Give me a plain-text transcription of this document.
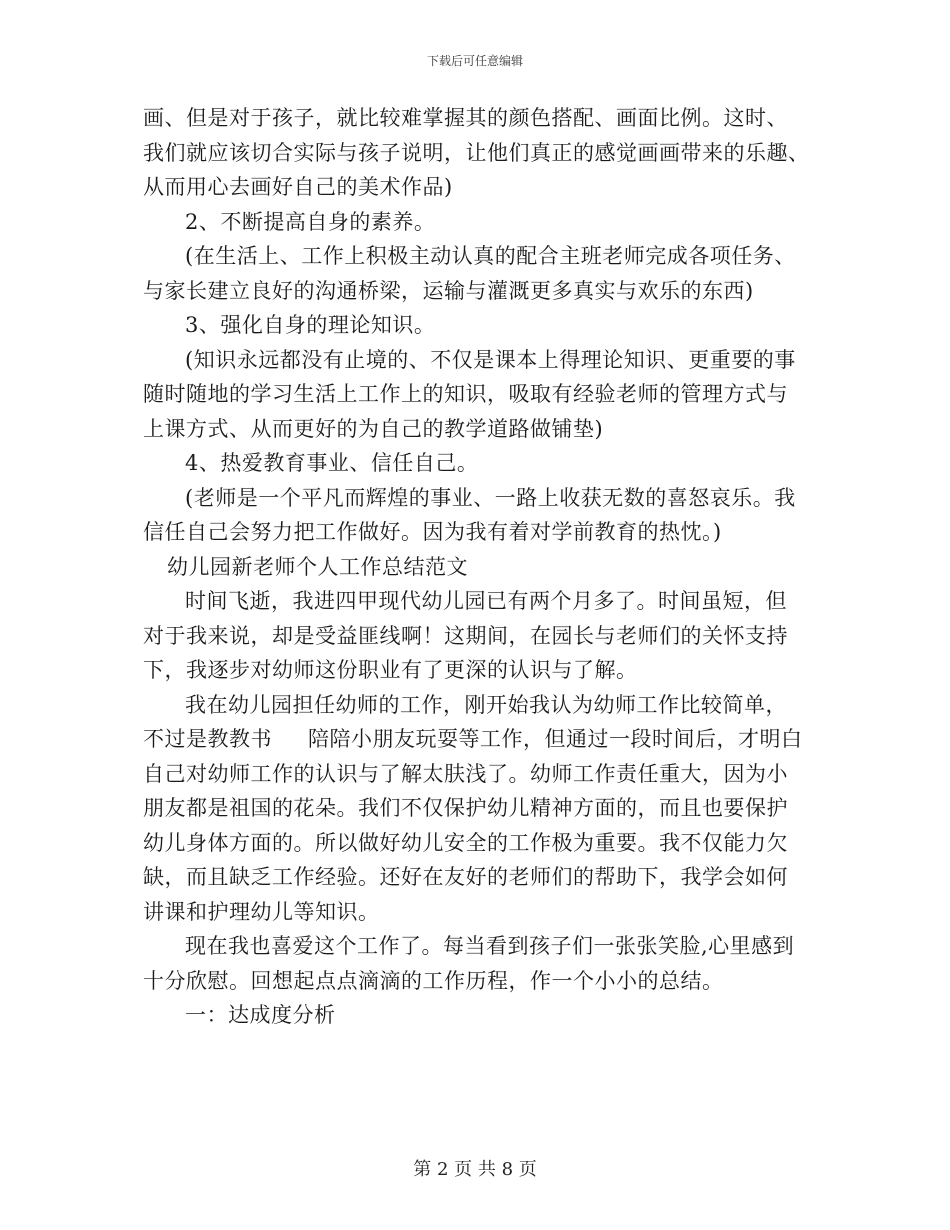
下载后可任意编辑
画、但是对于孩子，就比较难掌握其的颜色搭配、画面比例。这时、
我们就应该切合实际与孩子说明，让他们真正的感觉画画带来的乐趣、
从而用心去画好自己的美术作品)
2、不断提高自身的素养。
(在生活上、工作上积极主动认真的配合主班老师完成各项任务、
与家长建立良好的沟通桥梁，运输与灌溉更多真实与欢乐的东西)
3、强化自身的理论知识。
(知识永远都没有止境的、不仅是课本上得理论知识、更重要的事
随时随地的学习生活上工作上的知识，吸取有经验老师的管理方式与
上课方式、从而更好的为自己的教学道路做铺垫)
4、热爱教育事业、信任自己。
(老师是一个平凡而辉煌的事业、一路上收获无数的喜怒哀乐。我
信任自己会努力把工作做好。因为我有着对学前教育的热忱。)
幼儿园新老师个人工作总结范文
时间飞逝，我进四甲现代幼儿园已有两个月多了。时间虽短，但
对于我来说，却是受益匪线啊！这期间，在园长与老师们的关怀支持
下，我逐步对幼师这份职业有了更深的认识与了解。
我在幼儿园担任幼师的工作，刚开始我认为幼师工作比较简单，
不过是教教书 陪陪小朋友玩耍等工作，但通过一段时间后，才明白
自己对幼师工作的认识与了解太肤浅了。幼师工作责任重大，因为小
朋友都是祖国的花朵。我们不仅保护幼儿精神方面的，而且也要保护
幼儿身体方面的。所以做好幼儿安全的工作极为重要。我不仅能力欠
缺，而且缺乏工作经验。还好在友好的老师们的帮助下，我学会如何
讲课和护理幼儿等知识。
现在我也喜爱这个工作了。每当看到孩子们一张张笑脸,心里感到
十分欣慰。回想起点点滴滴的工作历程，作一个小小的总结。
一：达成度分析
第 2 页 共 8 页
